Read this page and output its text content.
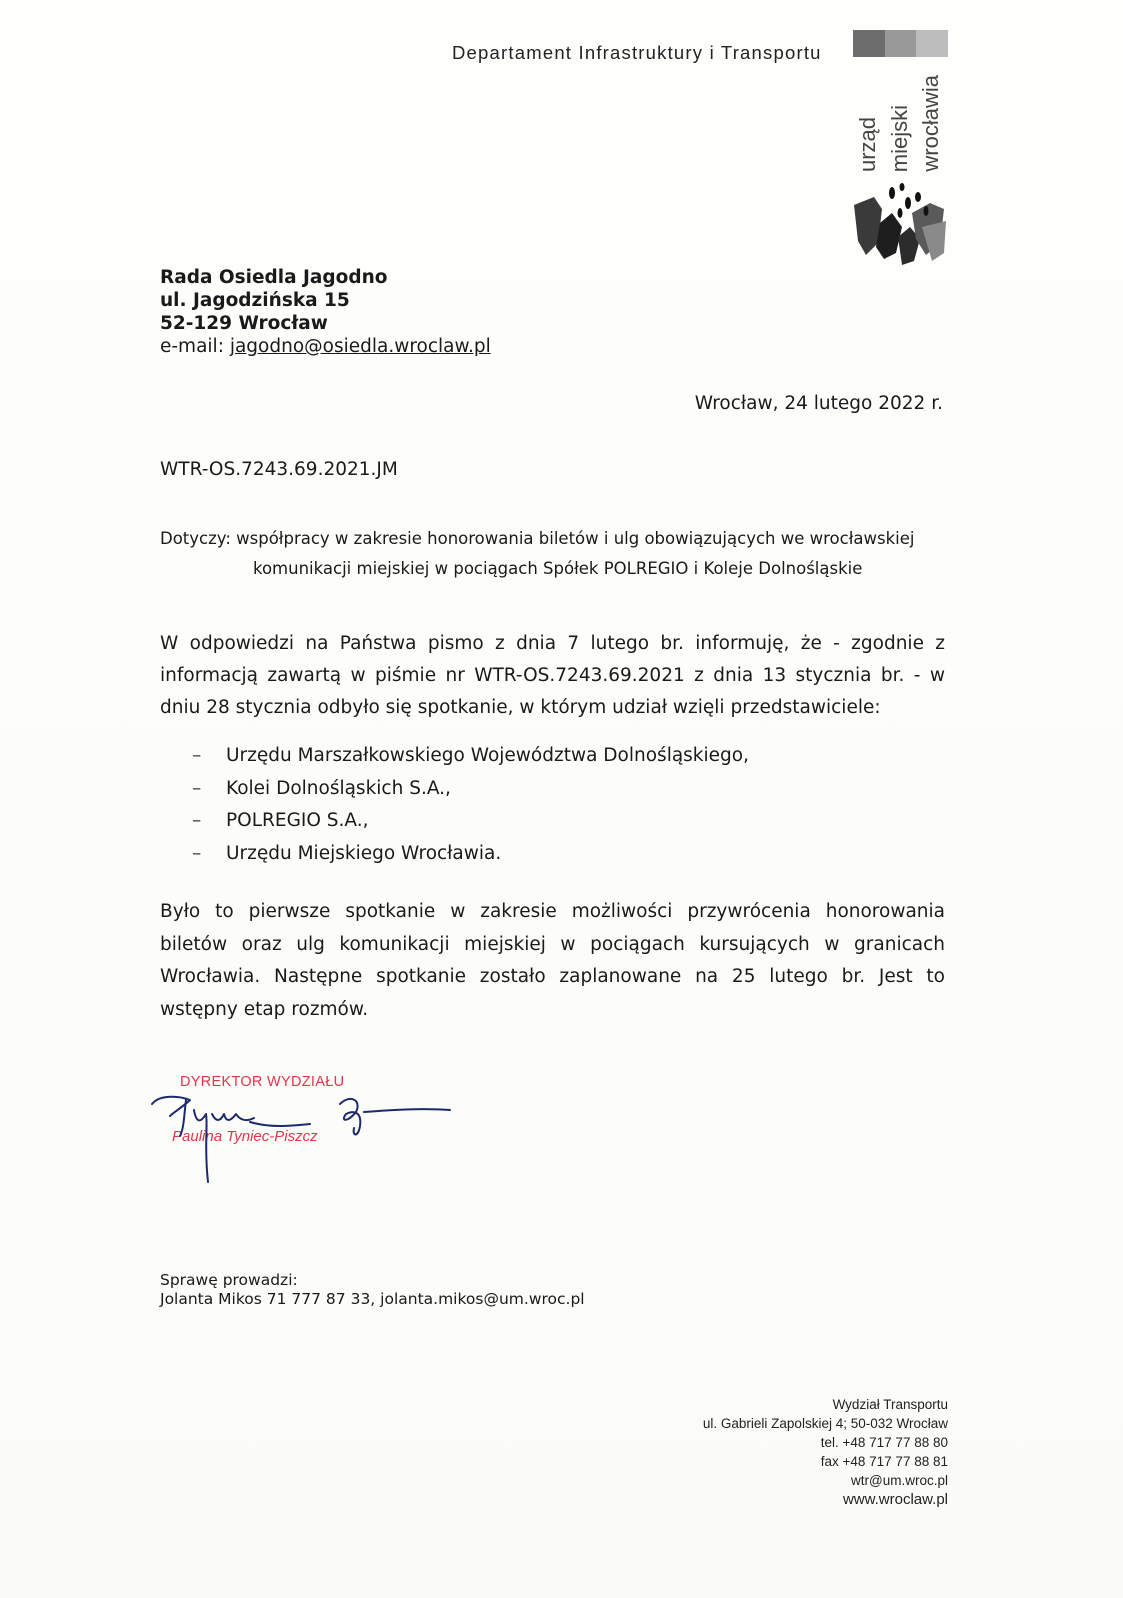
Departament Infrastruktury i Transportu
urząd miejski wrocławia
Rada Osiedla Jagodno
ul. Jagodzińska 15
52-129 Wrocław
e-mail: jagodno@osiedla.wroclaw.pl
Wrocław, 24 lutego 2022 r.
WTR-OS.7243.69.2021.JM
Dotyczy: współpracy w zakresie honorowania biletów i ulg obowiązujących we wrocławskiej
komunikacji miejskiej w pociągach Spółek POLREGIO i Koleje Dolnośląskie

W odpowiedzi na Państwa pismo z dnia 7 lutego br. informuję, że - zgodnie z informacją zawartą w piśmie nr WTR-OS.7243.69.2021 z dnia 13 stycznia br. - w dniu 28 stycznia odbyło się spotkanie, w którym udział wzięli przedstawiciele:

– Urzędu Marszałkowskiego Województwa Dolnośląskiego,
– Kolei Dolnośląskich S.A.,
– POLREGIO S.A.,
– Urzędu Miejskiego Wrocławia.

Było to pierwsze spotkanie w zakresie możliwości przywrócenia honorowania biletów oraz ulg komunikacji miejskiej w pociągach kursujących w granicach Wrocławia. Następne spotkanie zostało zaplanowane na 25 lutego br. Jest to wstępny etap rozmów.

DYREKTOR WYDZIAŁU
Paulina Tyniec-Piszcz
Sprawę prowadzi:
Jolanta Mikos 71 777 87 33, jolanta.mikos@um.wroc.pl
Wydział Transportu
ul. Gabrieli Zapolskiej 4; 50-032 Wrocław
tel. +48 717 77 88 80
fax +48 717 77 88 81
wtr@um.wroc.pl
www.wroclaw.pl
